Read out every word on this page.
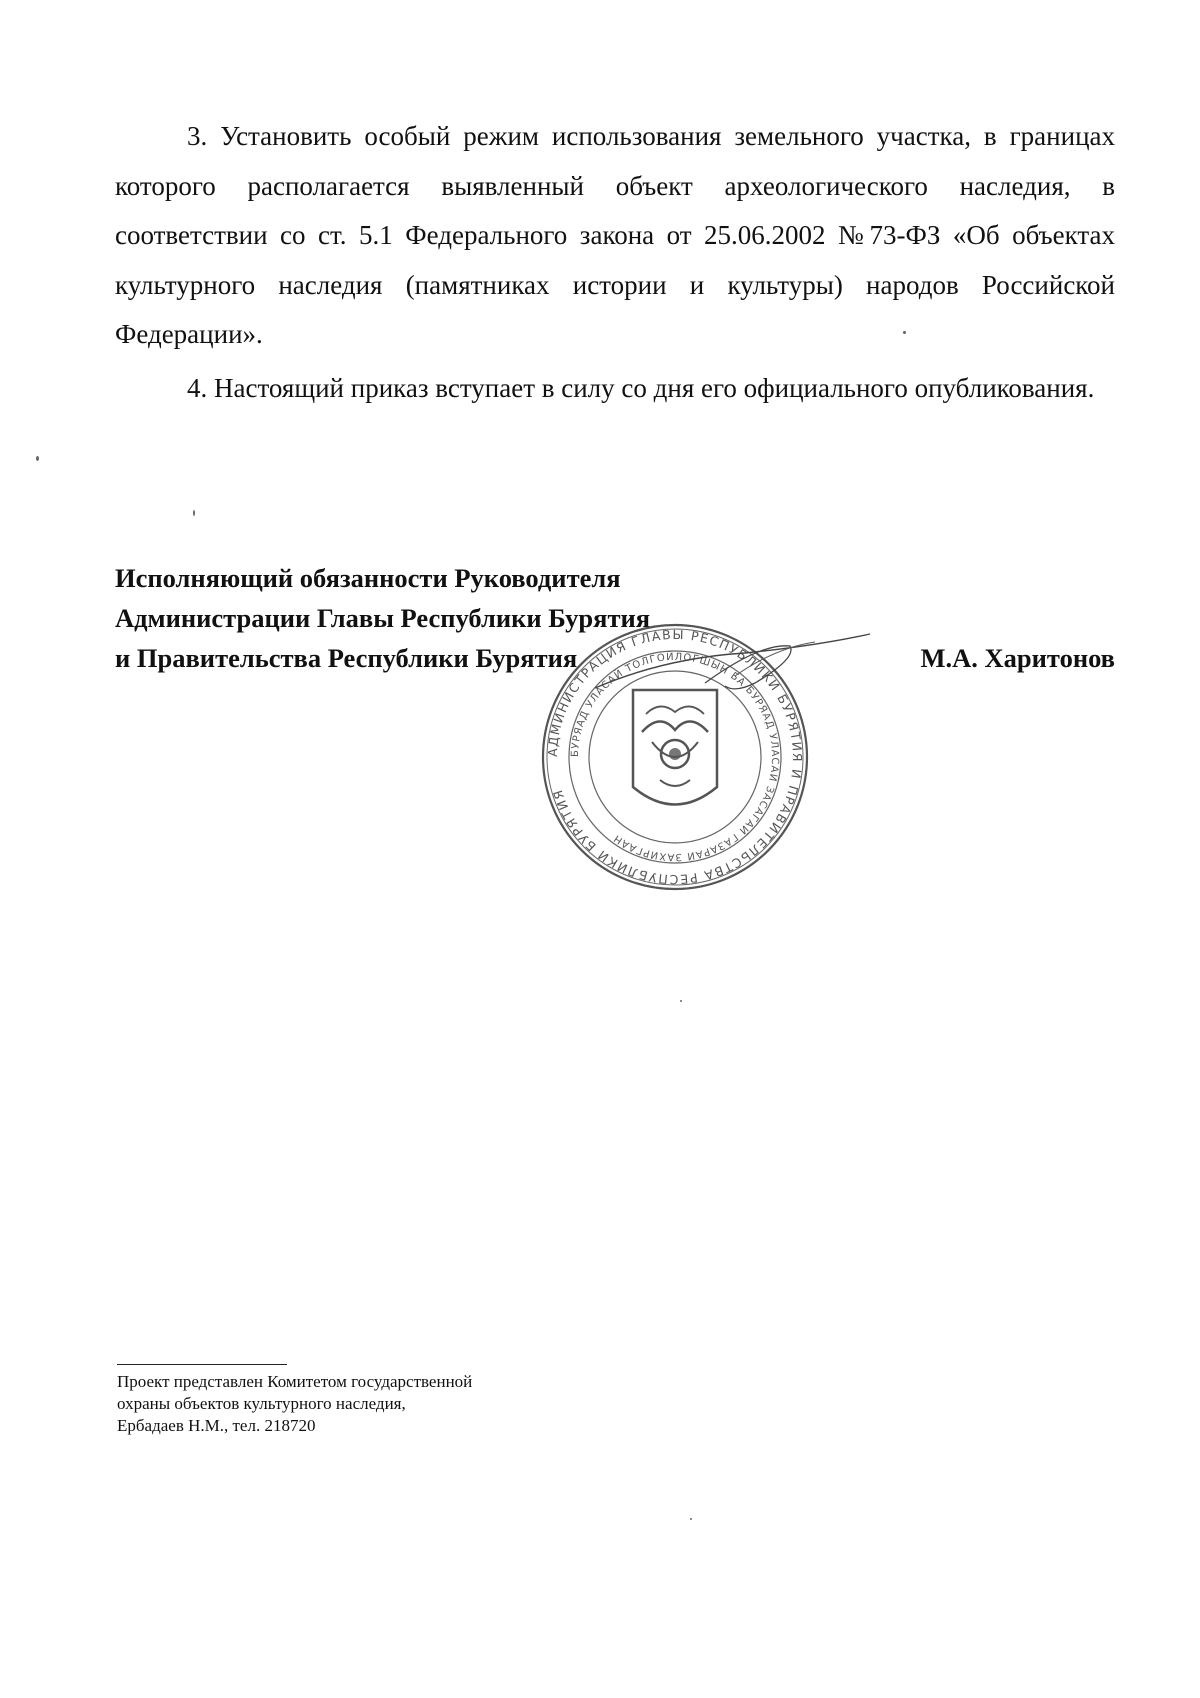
3. Установить особый режим использования земельного участка, в границах которого располагается выявленный объект археологического наследия, в соответствии со ст. 5.1 Федерального закона от 25.06.2002 №73-ФЗ «Об объектах культурного наследия (памятниках истории и культуры) народов Российской Федерации».

4. Настоящий приказ вступает в силу со дня его официального опубликования.

Исполняющий обязанности Руководителя
Администрации Главы Республики Бурятия
и Правительства Республики Бурятия	М.А. Харитонов
АДМИНИСТРАЦИЯ ГЛАВЫ РЕСПУБЛИКИ БУРЯТИЯ И ПРАВИТЕЛЬСТВА РЕСПУБЛИКИ БУРЯТИЯ
БУРЯАД УЛАСАЙ ТОЛГОЙЛОГШЫН БА БУРЯАД УЛАСАЙ ЗАСАГАЙ ГАЗАРАЙ ЗАХИРГААН
Проект представлен Комитетом государственной
охраны объектов культурного наследия,
Ербадаев Н.М., тел. 218720
